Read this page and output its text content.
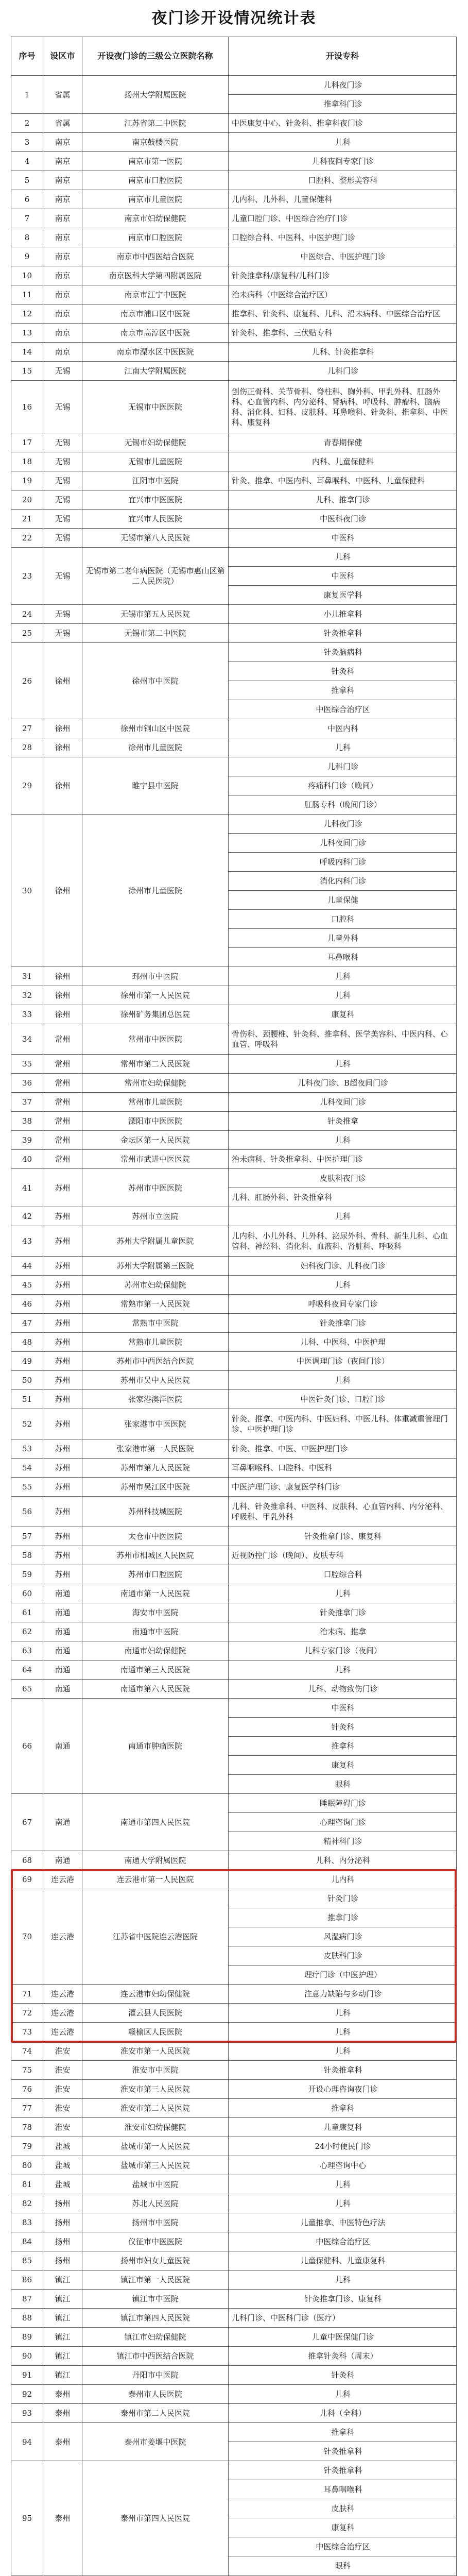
夜门诊开设情况统计表
序号	设区市	开设夜门诊的三级公立医院名称	开设专科
1	省属	扬州大学附属医院
儿科夜门诊
推拿科门诊
2	省属	江苏省第二中医院	中医康复中心、针灸科、推拿科夜门诊
3	南京	南京鼓楼医院	儿科
4	南京	南京市第一医院	儿科夜间专家门诊
5	南京	南京市口腔医院	口腔科、整形美容科
6	南京	南京市儿童医院	儿内科、儿外科、儿童保健科
7	南京	南京市妇幼保健院	儿童口腔门诊、中医综合治疗门诊
8	南京	南京市口腔医院	口腔综合科、中医科、中医护理门诊
9	南京	南京市中西医结合医院	中医综合、中医护理门诊
10	南京	南京医科大学第四附属医院	针灸推拿科/康复科/儿科门诊
11	南京	南京市江宁中医院	治未病科（中医综合治疗区）
12	南京	南京市浦口区中医院	推拿科、针灸科、康复科、儿科、沿未病科、中医综合治疗区
13	南京	南京市高淳区中医院	针灸科、推拿科、三伏贴专科
14	南京	南京市溧水区中医医院	儿科、针灸推拿科
15	无锡	江南大学附属医院	儿科门诊
16	无锡	无锡市中医医院
创伤正骨科、关节骨科、脊柱科、胸外科、甲乳外科、肛肠外科、心血管内科、内分泌科、肾病科、呼吸科、肿瘤科、脑病科、消化科、妇科、皮肤科、耳鼻喉科、针灸科、推拿科、中医科、康复科
17	无锡	无锡市妇幼保健院	青春期保健
18	无锡	无锡市儿童医院	内科、儿童保健科
19	无锡	江阴市中医院	针灸、推拿、中医内科、耳鼻喉科、中医科、儿童保健科
20	无锡	宜兴市中医医院	儿科、推拿门诊
21	无锡	宜兴市人民医院	中医科夜门诊
22	无锡	无锡市第八人民医院	中医科
23	无锡
无锡市第二老年病医院（无锡市惠山区第二人民医院）
儿科
中医科
康复医学科
24	无锡	无锡市第五人民医院	小儿推拿科
25	无锡	无锡市第二中医院	针灸推拿科
26	徐州	徐州市中医院
针灸脑病科
针灸科
推拿科
中医综合治疗区
27	徐州	徐州市铜山区中医院	中医内科
28	徐州	徐州市儿童医院	儿科
29	徐州	睢宁县中医院
儿科门诊
疼痛科门诊（晚间）
肛肠专科（晚间门诊）
30	徐州	徐州市儿童医院
儿科夜门诊
儿科夜间门诊
呼吸内科门诊
消化内科门诊
儿童保健
口腔科
儿童外科
耳鼻喉科
31	徐州	邳州市中医院	儿科
32	徐州	徐州市第一人民医院	儿科
33	徐州	徐州矿务集团总医院	康复科
34	常州	常州市中医医院
骨伤科、颈腰椎、针灸科、推拿科、医学美容科、中医内科、心血管、呼吸科
35	常州	常州市第二人民医院	儿科
36	常州	常州市妇幼保健院	儿科夜门诊、B超夜间门诊
37	常州	常州市儿童医院	儿科夜间门诊
38	常州	溧阳市中医医院	针灸推拿
39	常州	金坛区第一人民医院	儿科
40	常州	常州市武进中医医院	治未病科、针灸推拿科、中医护理门诊
41	苏州	苏州市中医医院
皮肤科夜门诊
儿科、肛肠外科、针灸推拿科
42	苏州	苏州市立医院	儿科
43	苏州	苏州大学附属儿童医院
儿内科、小儿外科、儿外科、泌尿外科、骨科、新生儿科、心血管科、神经科、消化科、血液科、肾脏科、呼吸科
44	苏州	苏州大学附属第三医院	妇科夜门诊、儿科夜门诊
45	苏州	苏州市妇幼保健院	儿科
46	苏州	常熟市第一人民医院	呼吸科夜间专家门诊
47	苏州	常熟市中医院	针灸推拿门诊
48	苏州	常熟市儿童医院	儿科、中医科、中医护理
49	苏州	苏州市中西医结合医院	中医调理门诊（夜间门诊）
50	苏州	苏州市吴中人民医院	儿科
51	苏州	张家港澳洋医院	中医针灸门诊、口腔门诊
52	苏州	张家港市中医医院
针灸、推拿、中医内科、中医妇科、中医儿科、体重减重管理门诊、中医护理门诊
53	苏州	张家港市第一人民医院	针灸、推拿、中医、中医护理门诊
54	苏州	苏州市第九人民医院	耳鼻咽喉科、口腔科、中医科
55	苏州	苏州市吴江区中医院	中医护理门诊、康复医学科门诊
56	苏州	苏州科技城医院
儿科、针灸推拿科、中医科、皮肤科、心血管内科、内分泌科、呼吸科、甲乳外科
57	苏州	太仓市中医医院	针灸推拿门诊、康复科
58	苏州	苏州市相城区人民医院	近视防控门诊（晚间）、皮肤专科
59	苏州	苏州市口腔医院	口腔综合科
60	南通	南通市第一人民医院	儿科
61	南通	海安市中医院	针灸推拿门诊
62	南通	南通市中医院	治未病、推拿
63	南通	南通市妇幼保健院	儿科专家门诊（夜间）
64	南通	南通市第三人民医院	儿科
65	南通	南通市第六人民医院	儿科、动物致伤门诊
66	南通	南通市肿瘤医院
中医科
针灸科
推拿科
康复科
眼科
67	南通	南通市第四人民医院
睡眠障碍门诊
心理咨询门诊
精神科门诊
68	南通	南通大学附属医院	儿科、内分泌科
69	连云港	连云港市第一人民医院	儿内科
70	连云港	江苏省中医院连云港医院
针灸门诊
推拿门诊
风湿病门诊
皮肤科门诊
理疗门诊（中医护理）
71	连云港	连云港市妇幼保健院	注意力缺陷与多动门诊
72	连云港	灌云县人民医院	儿科
73	连云港	赣榆区人民医院	儿科
74	淮安	淮安市第一人民医院	儿科
75	淮安	淮安市中医院	针灸推拿科
76	淮安	淮安市第三人民医院	开设心理咨询夜门诊
77	淮安	淮安市第二人民医院	推拿科
78	淮安	淮安市妇幼保健院	儿童康复科
79	盐城	盐城市第一人民医院	24小时便民门诊
80	盐城	盐城市第三人民医院	心理咨询中心
81	盐城	盐城市中医院	儿科
82	扬州	苏北人民医院	儿科
83	扬州	扬州市中医院	儿童推拿、中医特色疗法
84	扬州	仪征市中医医院	中医综合治疗区
85	扬州	扬州市妇女儿童医院	儿童保健科、儿童康复科
86	镇江	镇江市第一人民医院	儿科
87	镇江	镇江市中医院	针灸推拿门诊、康复科
88	镇江	镇江市第四人民医院	儿科门诊、中医科门诊（医疗）
89	镇江	镇江市妇幼保健院	儿童中医保健门诊
90	镇江	镇江市中西医结合医院	推拿针灸科（周末）
91	镇江	丹阳市中医院	针灸科
92	泰州	泰州市人民医院	儿科
93	泰州	泰州市第二人民医院	儿科（全科）
94	泰州	泰州市姜堰中医院
推拿科
针灸推拿科
95	泰州	泰州市第四人民医院
针灸推拿科
耳鼻咽喉科
皮肤科
康复科
中医综合治疗区
眼科
